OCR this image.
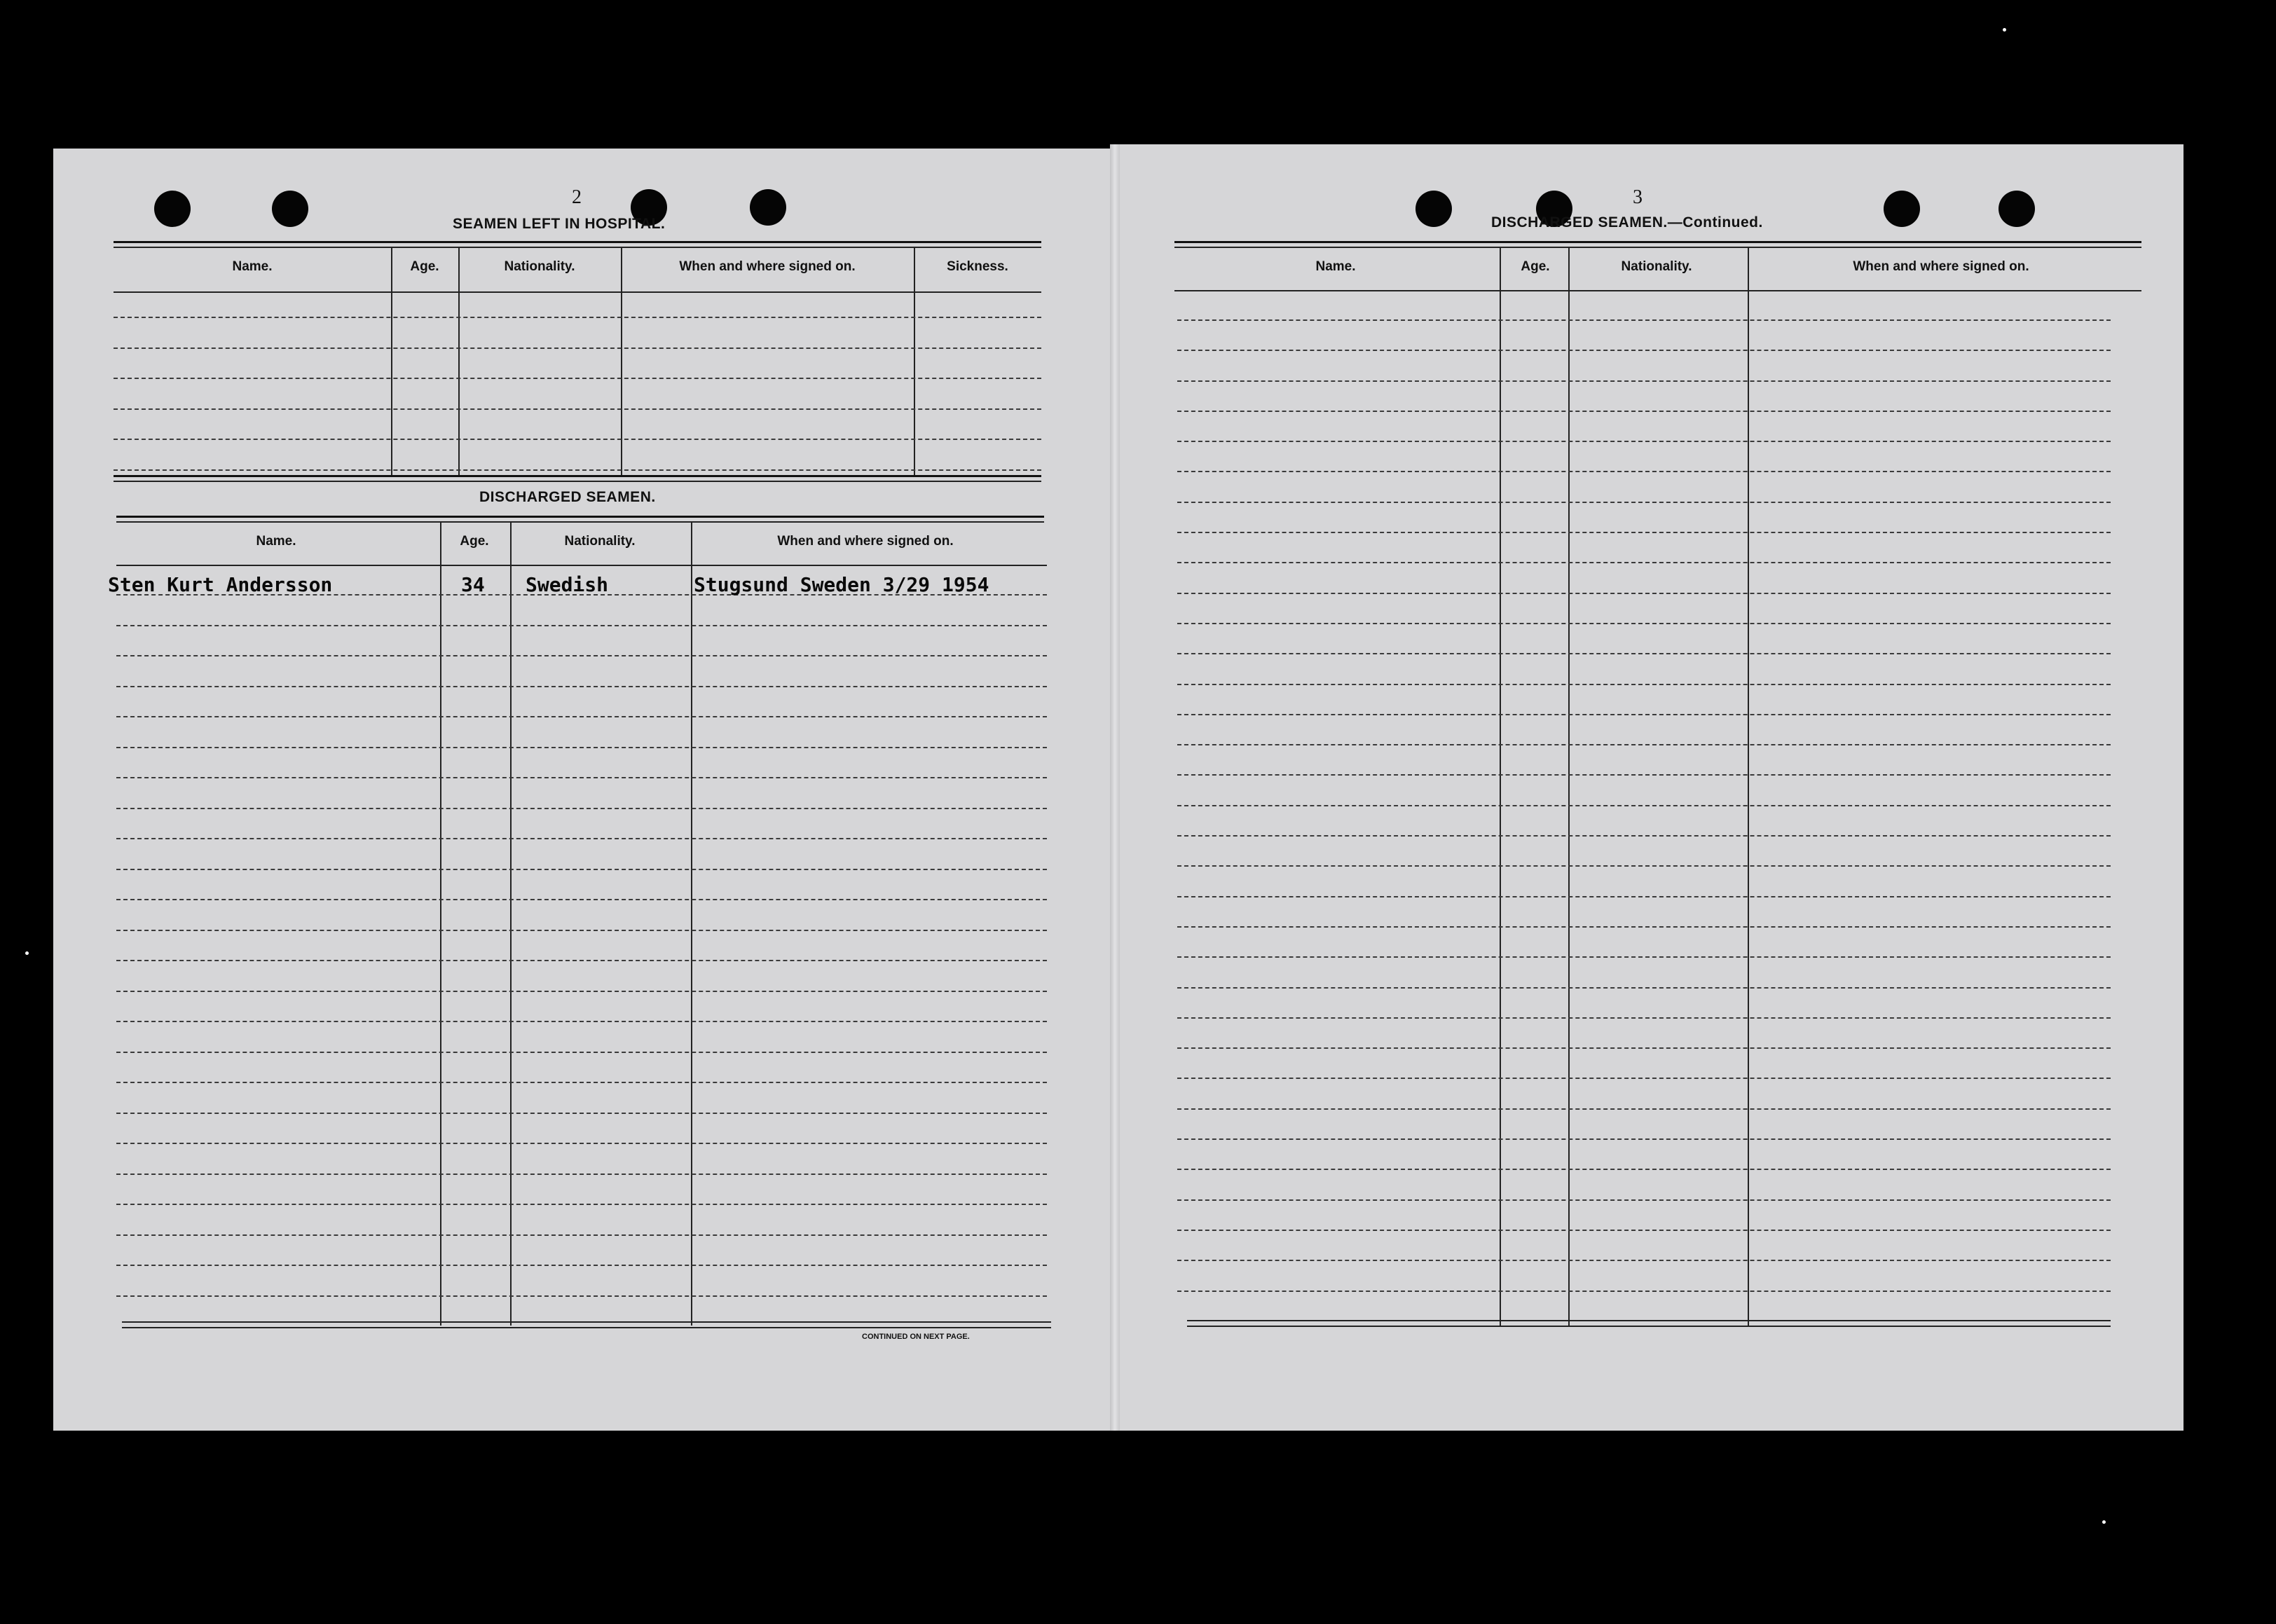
2
SEAMEN LEFT IN HOSPITAL.
Name.	Age.	Nationality.	When and where signed on.	Sickness.
DISCHARGED SEAMEN.
Name.	Age.	Nationality.	When and where signed on.
Sten Kurt Andersson	34 Swedish	Stugsund Sweden 3/29 1954
CONTINUED ON NEXT PAGE.
3
DISCHARGED SEAMEN.—Continued.
Name.	Age.	Nationality.	When and where signed on.
